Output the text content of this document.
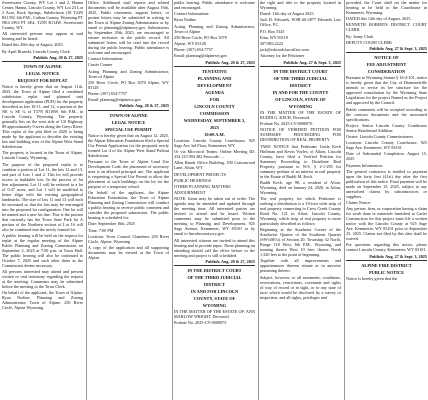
Sweetwater County, WY Lot 1 and 2, Hanna Center, Hanna, Lincoln County, WY Lot 23 Lot 2 Acre, Rock Springs, Subdivision (18 T24N R115W, 6th P.M., Carbon County, Wyoming PT NE4 SW4 PT SE4, T25N R114W, Sweetwater County, WY.

All interested persons may appear at said hearing and be heard.

Dated this 20th day of August, 2025.

By April Brunski, Lincoln County Clerk

Publish: Aug. 20 & 27, 2025

TOWN OF ALPINE
LEGAL NOTICE
REQUEST FOR REPLAT

Notice is hereby given that on August 11th, 2025, the Town of Alpine filed a combined subdivision replat and planned unit development application (PUD) for the property described as lots 10-11, and 12, a portion of the NE ¼ SE ¼ of T37N R118W, 6th P.M., in Lincoln County, Wyoming. The property generally lies on the west side of US Highway 89 approximately 9 acres along the Greys River. This replat of the plat filed in 2020 is being made by the applicant to describe the existing lots and building sites of the Alpine West Stand Subdivision.

The property is located in the Town of Alpine, Lincoln County, Wyoming.

The purpose of the proposed replat is to combine a portion of Lot 11, the lots 12 and 13, and part of Lots 1 and 2. This lot will provide access to buildable lots. In the process of lot line adjustment, Lot 11 will be reduced to a lot of 0.47 acres, and Lot 1 will be modified to better align with the existing geographical landmarks. The size of lots 11 and 13 will each be increased so that the lots may be rearranged into the proposed lot configuration. One lot will be named and a new lot line. This is the portion that currently has the Town State Park lot A portion of the Northern section of Lot 16 will also be combined into the newly formed lot.

A public hearing will be held on the request for replat at the regular meeting of the Alpine Public Planning and Zoning Commission on September 2, 2025 at 7:00 p.m. at Town Hall. The public hearing will also be continued to October 7, 2025 and such other dates as the Commission deems necessary.

All persons interested may attend and present written or oral testimony regarding the request at the meeting. Comments may be submitted before the meeting to the Town Clerk.

On behalf of the applicant, the Town of Alpine: Ryan Nodine, Planning and Zoning Administrator, Town of Alpine, 250 River Circle, Alpine Wyoming.

Office. Additional staff reports and related documents will be available after August 16th, 2025. Public comments, support letters, or protest letters may be submitted in writing to the Town of Alpine Zoning Administrator or by email to planning@alpinewy.gov. Submissions by September 29th, 2025, are encouraged to ensure inclusion in the public record. All submitted letters will be read into the record during the public hearing. Public attendance is welcome and encouraged.

Contact Information:

Cassie Conner

Acting Planning and Zoning Administrator, Town of Alpine

250 River Circle, PO Box 3070 Alpine, WY 83128

Phone: (307) 654-7757

Email: planning@alpinewy.gov

Publish: Aug. 20 & 27, 2025

TOWN OF ALPINE
LEGAL NOTICE
SPECIAL USE PERMIT

Notice is hereby given that on August 12, 2025, the Alpine Education Foundation filed a Special Use Permit Application for the proposed newly formed Lot 4 of the Alpine West Stand Pullout Subdivision.

Pursuant to the Town of Alpine Land Use Development Code, the placement of accessory uses is an allowed principal use. The applicant is requesting a Special Use Permit to allow the placement of such buildings on the lot for the purpose of a temporary school.

On behalf of the applicant, the Alpine Education Foundation, the Town of Alpine Planning and Zoning Commission will conduct a public hearing to receive public comment and consider the proposed submission. The public hearing is scheduled for:

Date: September 16th, 2025

Time: 7:00 PM

Location: Town Council Chambers 250 River Circle, Alpine, Wyoming

A copy of the application and all supporting documents may be viewed at the Town of Alpine

public hearing. Public attendance is welcome and encouraged.

Contact Information:

Ryan Nodine

Acting Planning and Zoning Administrator, Town of Alpine

250 River Circle, PO Box 3070

Alpine, WY 83128

Phone: (307) 654-7757

Email: planning@alpinewy.gov

Publish: Aug. 20 & 27, 2025

TENTATIVE
PLANNING AND
DEVELOPMENT
AGENDA
FOR
LINCOLN COUNTY
COMMISSION
WEDNESDAY, SEPTEMBER 3,
2025
10:00 A.M.

Location: Lincoln County Courthouse, 925 Sage Ave 3rd Floor, Kemmerer, WY

Or via Microsoft Teams: Online Meeting ID: 234 123 904 482 Passcode: ...

Allen Rands Office Building, 100 Cottonwood Lane, Afton, WY

DEVELOPMENT PROJECTS

PUBLIC HEARINGS

OTHER PLANNING MATTERS

ADJOURNMENT

NOTE: Items may be taken out of order. The agenda may be amended and updated through the meeting time. All interested parties are invited to attend and be heard. Written comments may be submitted prior to the meeting to Planning and Development, 925 Sage Avenue, Kemmerer, WY 83101 or by email to lincolncountywy.gov.

All interested citizens are invited to attend this hearing and to provide input. Those planning on attending should call the office before so the meeting and project is still scheduled.

Publish: Aug. 20 & 27, 2025

IN THE DISTRICT COURT
OF THE THIRD JUDICIAL
DISTRICT
IN AND FOR LINCOLN
COUNTY, STATE OF
WYOMING

IN THE MATTER OF THE ESTATE OF: ANN MARLOW WRIGHT, Deceased.

Probate No. 2025-CV-0000075

the right and title to the property located in Wyoming.

Dated: 11th day of August 2025.

Jack D. Edwards, WSB #6-2877 Edwards Law Office, P.C.

P.O. Box 5345

Etna, WY 83118

307.883.2222

jack@edwardslawoffice.com

Attorney for the Petitioner

Publish: Aug. 27 & Sept. 3, 2025

IN THE DISTRICT COURT
OF THE THIRD JUDICIAL
DISTRICT
IN AND FOR THE COUNTY
OF LINCOLN, STATE OF
WYOMING

IN THE MATTER OF THE ESTATE OF RUDDI G. KECH, Deceased.

Probate No. 2025-CV-0000076

NOTICE OF VERIFIED PETITION FOR SUMMARY PROCEEDING FOR DISTRIBUTION OF REAL PROPERTY

TAKE NOTICE that Petitioner Linda Kech Hoffman and Kevin Voyles, of Aiken, Lincoln County, have filed a Verified Petition for Summary Proceeding to Distribute Real Property, pursuant to W.S. § 2-1-205 for summary probate of an interest in real property in the Estate of Ruddi M. Kech.

Ruddi Kech, age 98, a resident of Afton, Wyoming, died on January 24, 2020, in Afton, Wyoming.

The real property for which Petitioner is seeking a distribution is a 10-foot wide strip of real property connecting to Crow Creek County Road No. 121 in Afton, Lincoln County, Wyoming, which strip of real property is more particularly described as follows:

Beginning at the Southeast Corner of the Southwest Quarter of the Southeast Quarter (SW¼SE¼) of Section 20, Township 32 North, Range 118 West, 6th P.M., Wyoming, and running thence West 10 feet; thence North 1,320 feet to the point of beginning.

Together with all improvements and appurtenances thereon situate or in anywise pertaining thereto.

Subject, however, to all easements, conditions, reservations, restrictions, covenants and rights of way of record or in sight, or to any state of facts which would be disclosed by a survey or inspection, and all rights, privileges and

provided, the Court shall set the matter for hearing to be held in the Courthouse in Kemmerer, Wyoming.

DATED this 12th day of August, 2025.

KENNETH ROBERTS DISTRICT COURT CLERK

By: Jenny Clark

DEPUTY COURT CLERK

Publish: Aug. 27 & Sept. 3, 2025

NOTICE OF
FEE ADJUSTMENT
CONSIDERATION

Pursuant to Wyoming Statute § 16-4-101, notice is hereby given that the City of Diamondville intends to revise its fee structure for the approved consultation by the Wyoming State Legislature for the project Named as the Project and approved by the Council.

Public comments will be accepted according to the contract documents and the associated specifications.

Project: Senior Lincoln County Courthouse Senior Residential Addition

Owner: Lincoln County Commissioners

Location: Lincoln County Courthouse, 925 Sage Ave, Kemmerer, WY 83101

Date of Substantial Completion: August 15, 2025

Payment Information:

The general contractor is entitled to payment upon the forty first (41st) day after the first publication of this notice. Final payment will be made on September 15, 2025, subject to any unresolved claims by subcontractors or suppliers.

Claims Notice:

Any person, firm, or corporation having a claim for work done or materials furnished to Carter Construction for this project must file a written notice with the Lincoln County at 925 Sage Ave, Kemmerer, WY 83101 prior to September 25, 2025. Claims not filed by this date shall be waived.

For questions regarding this notice, please contact Lincoln County. Kemmerer, WY 83101.

Publish: Aug. 27 & Sept. 3, 2025

ALPINE FIRE DISTRICT
PUBLIC NOTICE

Notice is hereby given that the
